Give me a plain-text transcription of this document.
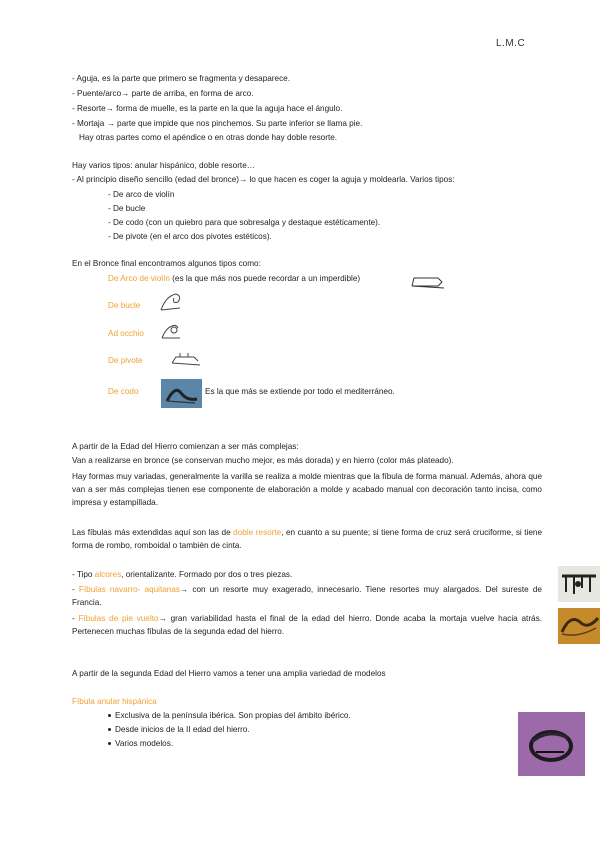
L.M.C
- Aguja, es la parte que primero se fragmenta y desaparece.
- Puente/arco→ parte de arriba, en forma de arco.
- Resorte→ forma de muelle, es la parte en la que la aguja hace el ángulo.
- Mortaja → parte que impide que nos pinchemos. Su parte inferior se llama pie.
Hay otras partes como el apéndice o en otras donde hay doble resorte.
Hay varios tipos: anular hispánico, doble resorte…
- Al principio diseño sencillo (edad del bronce)→ lo que hacen es coger la aguja y moldearla. Varios tipos:
- De arco de violín
- De bucle
- De codo (con un quiebro para que sobresalga y destaque estéticamente).
- De pivote (en el arco dos pivotes estéticos).
En el Bronce final encontramos algunos tipos como:
De Arco de violín (es la que más nos puede recordar a un imperdible)
De bucle
Ad occhio
De pivote
De codo	Es la que más se extiende por todo el mediterráneo.
A partir de la Edad del Hierro comienzan a ser más complejas:
Van a realizarse en bronce (se conservan mucho mejor, es más dorada) y en hierro (color más plateado).
Hay formas muy variadas, generalmente la varilla se realiza a molde mientras que la fíbula de forma manual. Además, ahora que van a ser más complejas tienen ese componente de elaboración a molde y acabado manual con decoración tanto incisa, como impresa y estampillada.
Las fíbulas más extendidas aquí son las de doble resorte, en cuanto a su puente; si tiene forma de cruz será cruciforme, si tiene forma de rombo, romboidal o también de cinta.
- Tipo alcores, orientalizante. Formado por dos o tres piezas.
- Fíbulas navarro- aquitanas→ con un resorte muy exagerado, innecesario. Tiene resortes muy alargados. Del sureste de Francia.
- Fíbulas de pie vuelto→ gran variabilidad hasta el final de la edad del hierro. Donde acaba la mortaja vuelve hacia atrás. Pertenecen muchas fíbulas de la segunda edad del hierro.
A partir de la segunda Edad del Hierro vamos a tener una amplia variedad de modelos
Fíbula anular hispánica
Exclusiva de la península ibérica. Son propias del ámbito ibérico.
Desde inicios de la II edad del hierro.
Varios modelos.
